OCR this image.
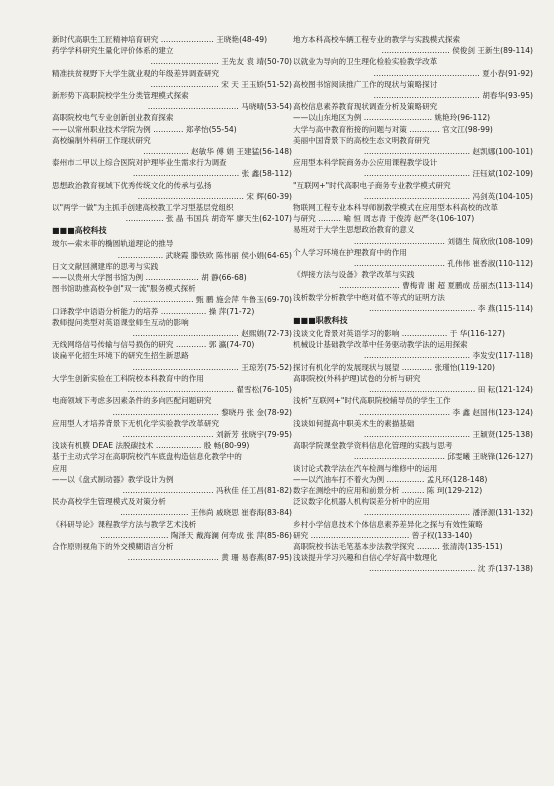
新时代高职生工匠精神培育研究 ………………… 王晓艳(48-49)
药学学科研究生量化评价体系的建立
……………………… 王先友 袁 靖(50-70)
精准扶贫视野下大学生就业观的年级差异调查研究
……………………… 宋 天 王玉娇(51-52)
新形势下高职院校学生分类管理模式探索
……………………………… 马晓晴(53-54)
高职院校电气专业创新创业教育探索
——以常州职业技术学院为例 ………… 郑孝怡(55-54)
高校编制外科研工作现状研究
……………… 赵敏华 傅 娟 王建猛(56-148)
泰州市二甲以上综合医院对护理毕业生需求行为调查
…………………………………… 张 鑫(58-112)
思想政治教育视域下优秀传统文化的传承与弘扬
…………………………………… 宋 辉(60-39)
以"两学一做"为主抓手创建高校教工学习型基层党组织
…………… 张 晶 韦国兵 胡奇军 廖天生(62-107)
■■■高校科技
玻尔—索末菲的椭圆轨道理论的推导
……………… 武晓霞 滕铁欧 陈伟丽 侯小娟(64-65)
日文文献回溯建库的思考与实践
——以贵州大学图书馆为例 ………………… 胡 静(66-68)
图书馆助推高校争创"双一流"服务模式探析
…………………… 甄 鹏 施会萍 牛鲁玉(69-70)
口译教学中语语分析能力的培养 ……………… 操 萍(71-72)
教师提问类型对英语课堂师生互动的影响
…………………………………… 赵熙娟(72-73)
无线网络信号传输与信号损伤的研究 ………… 郭 瀛(74-70)
谈扁平化招生环境下的研究生招生新思路
…………………………………… 王琼芳(75-52)
大学生创新实验在工科院校本科教育中的作用
…………………………………… 翟雪松(76-105)
电商领域下考虑多因素条件的多向匹配问题研究
…………………………………… 黎晓丹 张 金(78-92)
应用型人才培养背景下无机化学实验教学改革研究
……………………………… 刘新芳 张晓宇(79-95)
浅谈有机膜 DEAE 法脱碳技术 ……………… 殷 畅(80-99)
基于主动式学习在高职院校汽车底盘构造信息化教学中的
应用
——以《盘式制动器》教学设计为例
……………………………… 冯秋佳 任工昌(81-82)
民办高校学生管理模式及对策分析
……………………… 王伟尚 戚晓思 崔春海(83-84)
《科研导论》课程教学方法与教学艺术浅析
……………………… 陶泽天 戴海澜 何寿成 张 萍(85-86)
合作原则视角下的外交模糊语言分析
……………………………… 黄 珊 易春燕(87-95)
地方本科高校车辆工程专业的教学与实践模式探索
……………………… 侯俊剑 王新生(89-114)
以就业为导向的卫生理化检验实验教学改革
…………………………………… 夏小春(91-92)
高校图书馆阅读推广工作的现状与策略探讨
…………………………………… 胡春华(93-95)
高校信息素养教育现状调查分析及策略研究
——以山东地区为例 ……………………… 姚艳玲(96-112)
大学与高中教育衔接的问题与对策 ………… 官文江(98-99)
美丽中国背景下的高校生态文明教育研究
…………………………………… 赵凯娜(100-101)
应用型本科学院商务办公应用课程教学设计
…………………………………… 汪钰斌(102-109)
"互联网+"时代高职电子商务专业教学模式研究
…………………………………… 冯剑英(104-105)
物联网工程专业本科导师制教学模式在应用型本科高校的改革
与研究 ……… 喻 恒 周志青 于俊涛 赵严冬(106-107)
易班对于大学生思想政治教育的意义
……………………………… 刘德生 简欣欣(108-109)
个人学习环境在护理教育中的作用
……………………………… 孔伟伟 崔香淑(110-112)
《焊接方法与设备》教学改革与实践
…………………… 曹梅青 谢 超 夏鹏成 岳丽杰(113-114)
浅析数学分析教学中绝对值不等式的证明方法
…………………………………… 李 燕(115-114)
■■■职教科技
浅谈文化背景对英语学习的影响 ……………… 于 华(116-127)
机械设计基础教学改革中任务驱动教学法的运用探索
…………………………………… 李发安(117-118)
探讨有机化学的发展现状与展望 ………… 张瑾怡(119-120)
高职院校(外科护理)试卷的分析与研究
…………………………………… 田 耘(121-124)
浅析"互联网+"时代高职院校辅导员的学生工作
……………………………… 李 鑫 赵国伟(123-124)
浅谈如何提高中职美术生的素描基础
…………………………………… 王颖贤(125-138)
高职学院课堂教学资料信息化管理的实践与思考
……………………………… 邱雯曦 王晓锋(126-127)
谈讨论式教学法在汽车检测与维修中的运用
——以汽油车打不着火为例 …………… 孟凡环(128-148)
数字在测绘中的应用和前景分析 ……… 陈 珂(129-212)
泛议数字化机器人机构误差分析中的应用
…………………………………… 潘泽源(131-132)
乡村小学信息技术个体信息素养差异化之探与有效性策略
研究 ………………………………… 曾子权(133-140)
高职院校书法毛笔基本步法教学探究 ……… 张清涛(135-151)
浅谈提升学习兴趣和自信心学好高中数理化
…………………………………… 沈 乔(137-138)
